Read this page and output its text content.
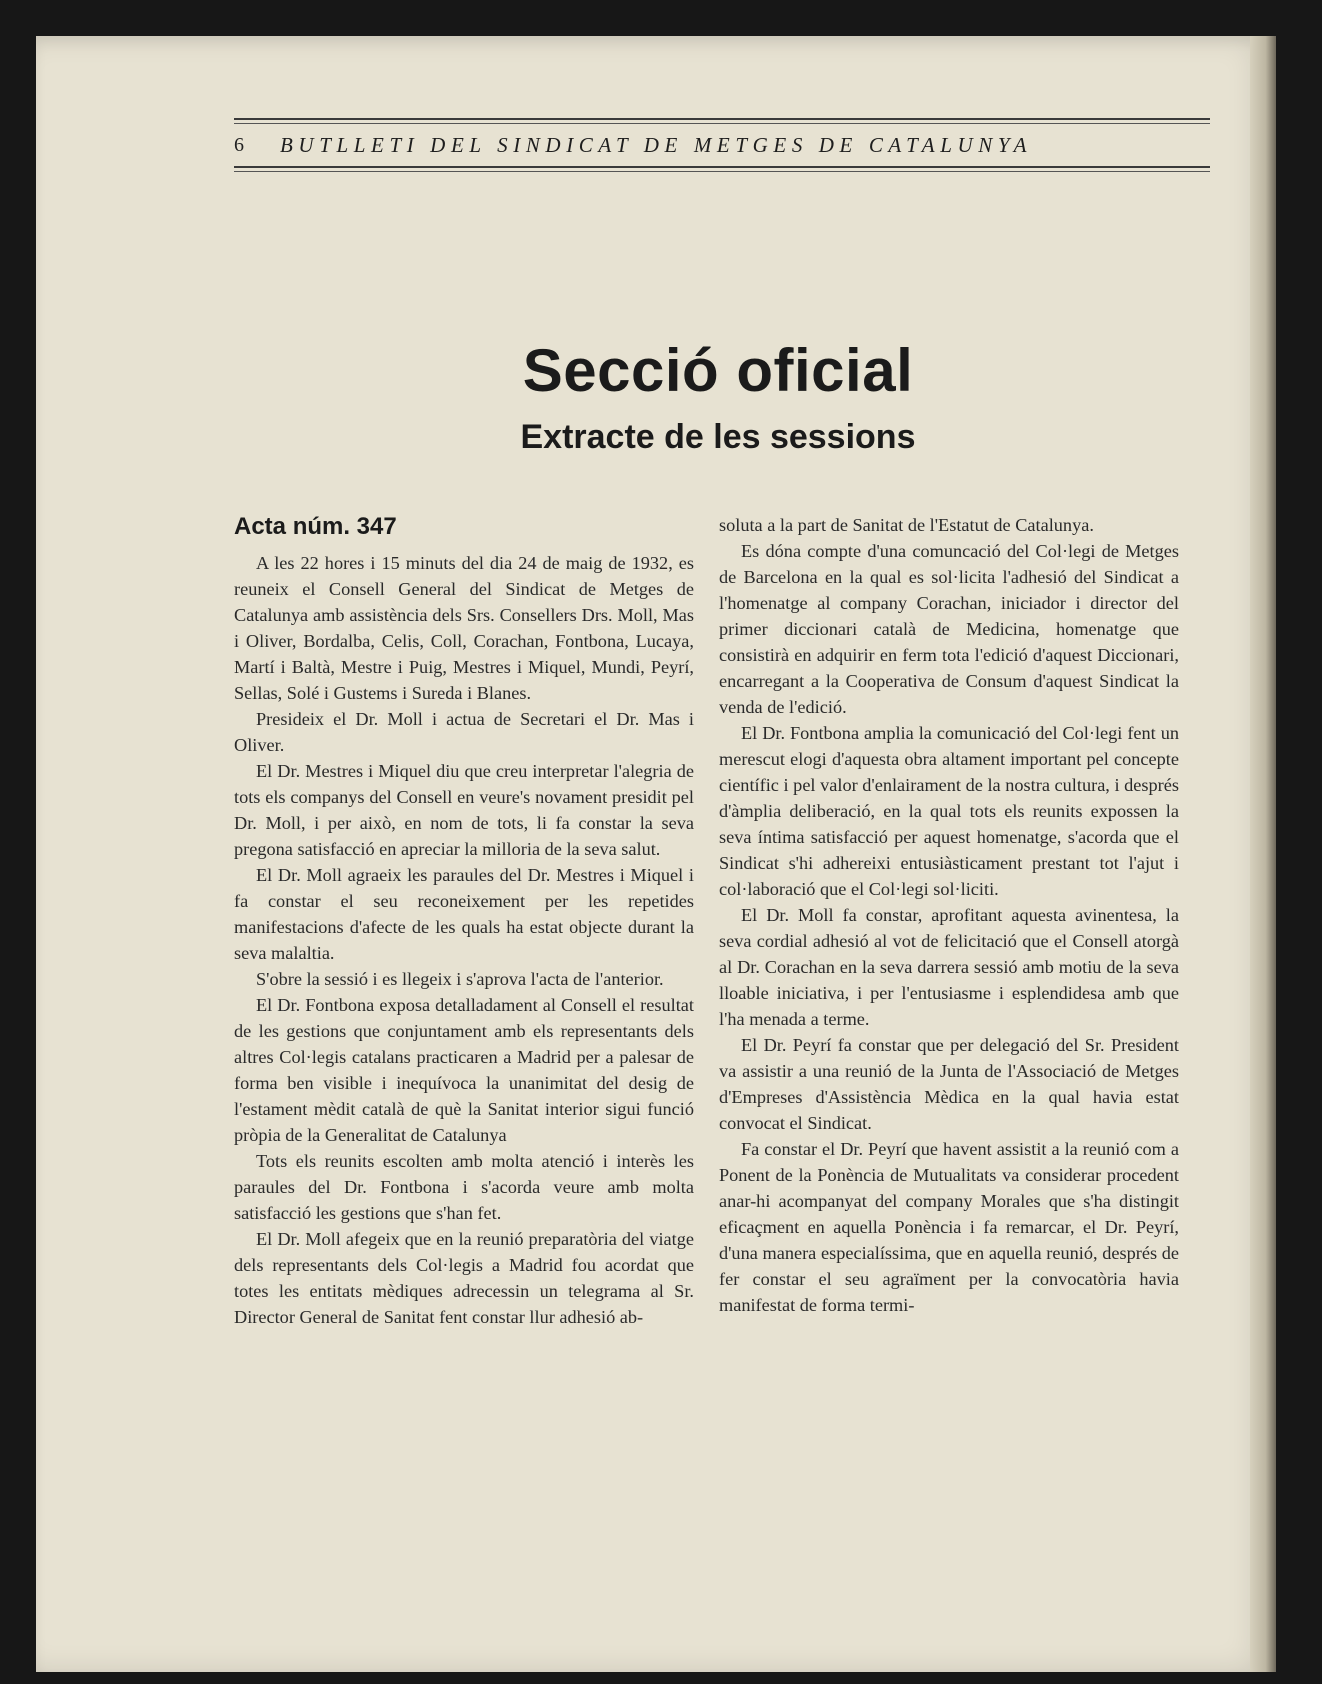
6	BUTLLETI DEL SINDICAT DE METGES DE CATALUNYA
Secció oficial
Extracte de les sessions
Acta núm. 347

A les 22 hores i 15 minuts del dia 24 de maig de 1932, es reuneix el Consell General del Sindicat de Metges de Catalunya amb assistència dels Srs. Consellers Drs. Moll, Mas i Oliver, Bordalba, Celis, Coll, Corachan, Fontbona, Lucaya, Martí i Baltà, Mestre i Puig, Mestres i Miquel, Mundi, Peyrí, Sellas, Solé i Gustems i Sureda i Blanes.

Presideix el Dr. Moll i actua de Secretari el Dr. Mas i Oliver.

El Dr. Mestres i Miquel diu que creu interpretar l'alegria de tots els companys del Consell en veure's novament presidit pel Dr. Moll, i per això, en nom de tots, li fa constar la seva pregona satisfacció en apreciar la milloria de la seva salut.

El Dr. Moll agraeix les paraules del Dr. Mestres i Miquel i fa constar el seu reconeixement per les repetides manifestacions d'afecte de les quals ha estat objecte durant la seva malaltia.

S'obre la sessió i es llegeix i s'aprova l'acta de l'anterior.

El Dr. Fontbona exposa detalladament al Consell el resultat de les gestions que conjuntament amb els representants dels altres Col·legis catalans practicaren a Madrid per a palesar de forma ben visible i inequívoca la unanimitat del desig de l'estament mèdit català de què la Sanitat interior sigui funció pròpia de la Generalitat de Catalunya

Tots els reunits escolten amb molta atenció i interès les paraules del Dr. Fontbona i s'acorda veure amb molta satisfacció les gestions que s'han fet.

El Dr. Moll afegeix que en la reunió preparatòria del viatge dels representants dels Col·legis a Madrid fou acordat que totes les entitats mèdiques adrecessin un telegrama al Sr. Director General de Sanitat fent constar llur adhesió ab-

soluta a la part de Sanitat de l'Estatut de Catalunya.

Es dóna compte d'una comuncació del Col·legi de Metges de Barcelona en la qual es sol·licita l'adhesió del Sindicat a l'homenatge al company Corachan, iniciador i director del primer diccionari català de Medicina, homenatge que consistirà en adquirir en ferm tota l'edició d'aquest Diccionari, encarregant a la Cooperativa de Consum d'aquest Sindicat la venda de l'edició.

El Dr. Fontbona amplia la comunicació del Col·legi fent un merescut elogi d'aquesta obra altament important pel concepte científic i pel valor d'enlairament de la nostra cultura, i després d'àmplia deliberació, en la qual tots els reunits expossen la seva íntima satisfacció per aquest homenatge, s'acorda que el Sindicat s'hi adhereixi entusiàsticament prestant tot l'ajut i col·laboració que el Col·legi sol·liciti.

El Dr. Moll fa constar, aprofitant aquesta avinentesa, la seva cordial adhesió al vot de felicitació que el Consell atorgà al Dr. Corachan en la seva darrera sessió amb motiu de la seva lloable iniciativa, i per l'entusiasme i esplendidesa amb que l'ha menada a terme.

El Dr. Peyrí fa constar que per delegació del Sr. President va assistir a una reunió de la Junta de l'Associació de Metges d'Empreses d'Assistència Mèdica en la qual havia estat convocat el Sindicat.

Fa constar el Dr. Peyrí que havent assistit a la reunió com a Ponent de la Ponència de Mutualitats va considerar procedent anar-hi acompanyat del company Morales que s'ha distingit eficaçment en aquella Ponència i fa remarcar, el Dr. Peyrí, d'una manera especialíssima, que en aquella reunió, després de fer constar el seu agraïment per la convocatòria havia manifestat de forma termi-
